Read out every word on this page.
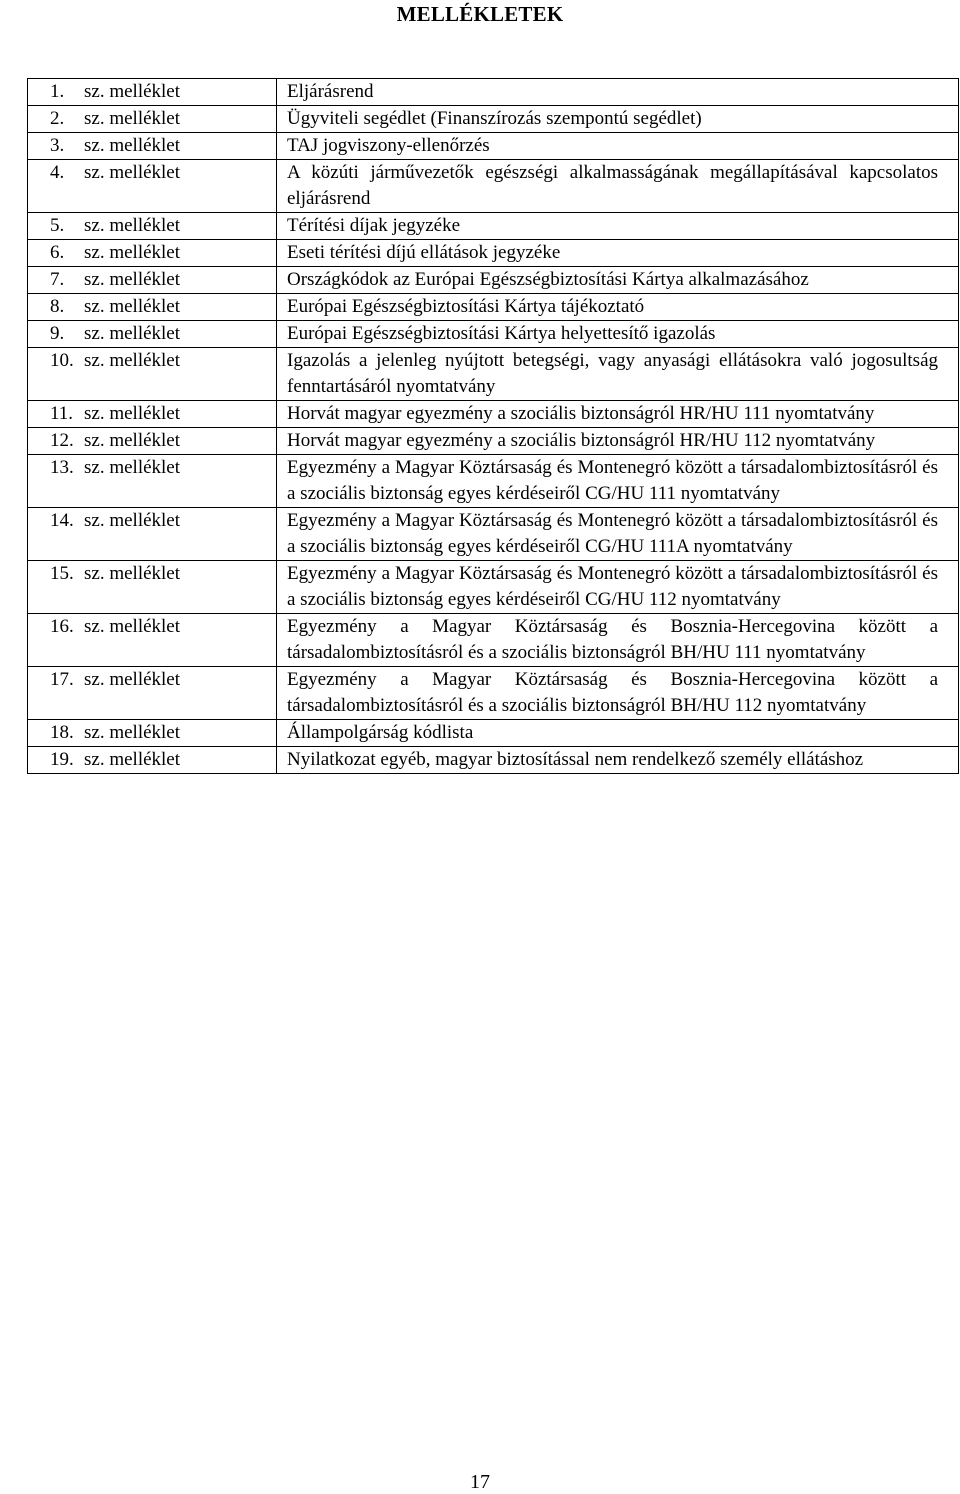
MELLÉKLETEK
1. sz. melléklet	Eljárásrend
2. sz. melléklet	Ügyviteli segédlet (Finanszírozás szempontú segédlet)
3. sz. melléklet	TAJ jogviszony-ellenőrzés
4. sz. melléklet	A közúti járművezetők egészségi alkalmasságának megállapításával kapcsolatos eljárásrend
5. sz. melléklet	Térítési díjak jegyzéke
6. sz. melléklet	Eseti térítési díjú ellátások jegyzéke
7. sz. melléklet	Országkódok az Európai Egészségbiztosítási Kártya alkalmazásához
8. sz. melléklet	Európai Egészségbiztosítási Kártya tájékoztató
9. sz. melléklet	Európai Egészségbiztosítási Kártya helyettesítő igazolás
10. sz. melléklet	Igazolás a jelenleg nyújtott betegségi, vagy anyasági ellátásokra való jogosultság fenntartásáról nyomtatvány
11. sz. melléklet	Horvát magyar egyezmény a szociális biztonságról HR/HU 111 nyomtatvány
12. sz. melléklet	Horvát magyar egyezmény a szociális biztonságról HR/HU 112 nyomtatvány
13. sz. melléklet	Egyezmény a Magyar Köztársaság és Montenegró között a társadalombiztosításról és a szociális biztonság egyes kérdéseiről CG/HU 111 nyomtatvány
14. sz. melléklet	Egyezmény a Magyar Köztársaság és Montenegró között a társadalombiztosításról és a szociális biztonság egyes kérdéseiről CG/HU 111A nyomtatvány
15. sz. melléklet	Egyezmény a Magyar Köztársaság és Montenegró között a társadalombiztosításról és a szociális biztonság egyes kérdéseiről CG/HU 112 nyomtatvány
16. sz. melléklet	Egyezmény a Magyar Köztársaság és Bosznia-Hercegovina között a társadalombiztosításról és a szociális biztonságról BH/HU 111 nyomtatvány
17. sz. melléklet	Egyezmény a Magyar Köztársaság és Bosznia-Hercegovina között a társadalombiztosításról és a szociális biztonságról BH/HU 112 nyomtatvány
18. sz. melléklet	Állampolgárság kódlista
19. sz. melléklet	Nyilatkozat egyéb, magyar biztosítással nem rendelkező személy ellátáshoz
17
